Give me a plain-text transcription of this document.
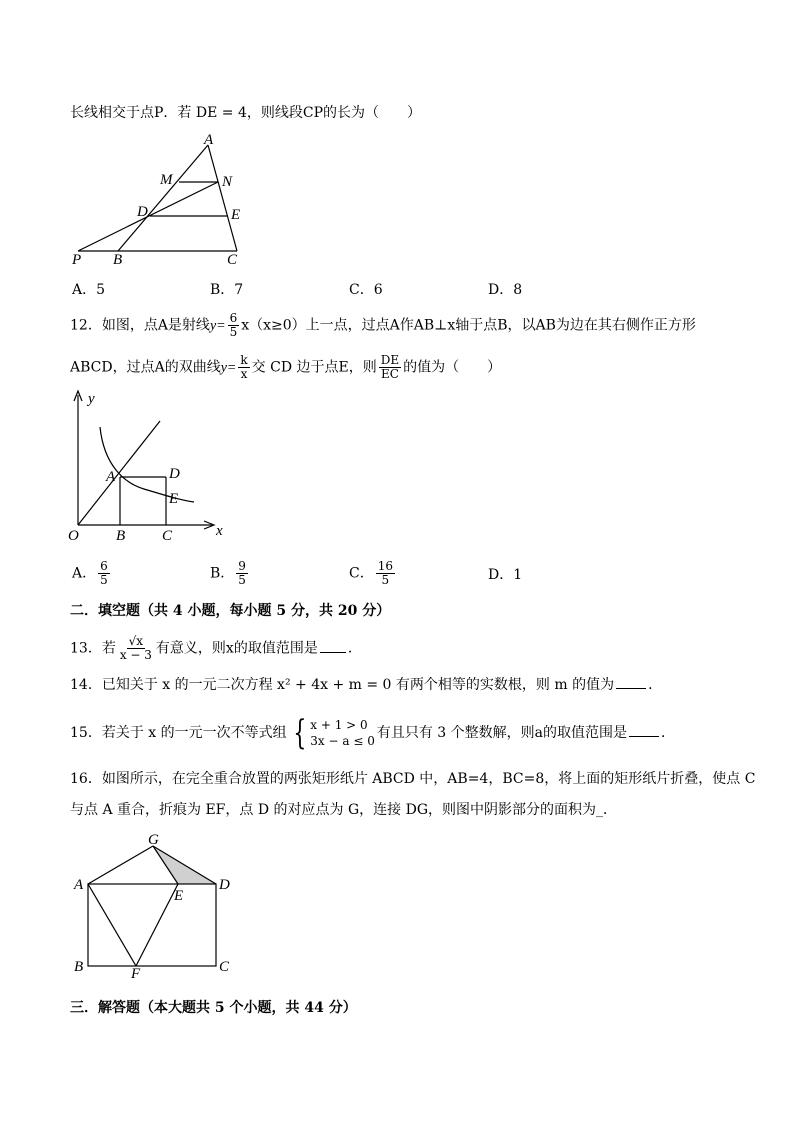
长线相交于点P．若 DE = 4，则线段CP的长为（　　）
A
M	N
D	E
P B	C
A．5	B．7	C．6	D．8
12．如图，点A是射线$y= \frac{6}{5} x(x\ge 0)$上一点，过点A作AB⊥x轴于点B，以AB为边在其右侧作正方形
ABCD，过点A的双曲线$y= \frac{k}{x}$ 交 CD 边于点E，则 $\frac{DE}{EC}$ 的值为（　　）
y
x
O
A
B C
D
E
A． $\frac{6}{5}$	B． $\frac{9}{5}$	C． $\frac{16}{5}$	D．1
二．填空题（共 4 小题，每小题 5 分，共 20 分）
13．若 $\frac{√x}{x - 3}$ 有意义，则x的取值范围是 ．
14．已知关于 x 的一元二次方程 x² + 4x + m = 0 有两个相等的实数根，则 m 的值为 ．
15．若关于 x 的一元一次不等式组 { x + 1 > 0
3x − a ≤ 0 有且只有 3 个整数解，则a的取值范围是 ．
16．如图所示，在完全重合放置的两张矩形纸片 ABCD 中，AB=4，BC=8，将上面的矩形纸片折叠，使点 C
与点 A 重合，折痕为 EF，点 D 的对应点为 G，连接 DG，则图中阴影部分的面积为_．
G
A	D
E
B	F	C
三．解答题（本大题共 5 个小题，共 44 分）
